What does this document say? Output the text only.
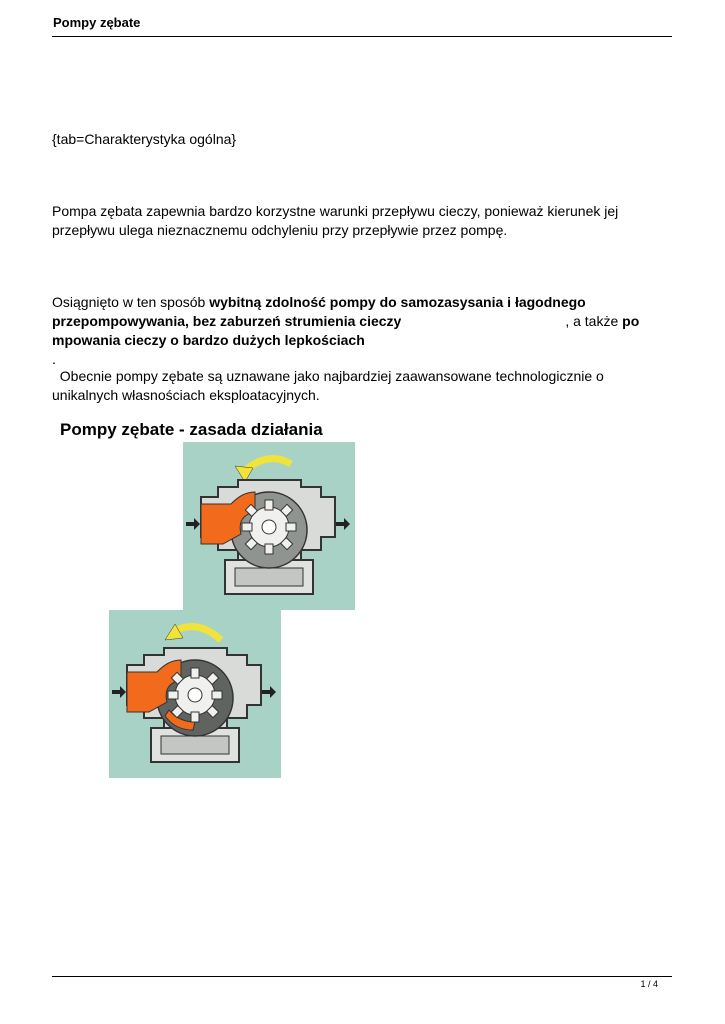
Pompy zębate
{tab=Charakterystyka ogólna}
Pompa zębata zapewnia bardzo korzystne warunki przepływu cieczy, ponieważ kierunek jej
przepływu ulega nieznacznemu odchyleniu przy przepływie przez pompę.
Osiągnięto w ten sposób wybitną zdolność pompy do samozasysania i łagodnego
przepompowywania, bez zaburzeń strumienia cieczy	, a także po
mpowania cieczy o bardzo dużych lepkościach
.
Obecnie pompy zębate są uznawane jako najbardziej zaawansowane technologicznie o
unikalnych własnościach eksploatacyjnych.
Pompy zębate - zasada działania
1 / 4
